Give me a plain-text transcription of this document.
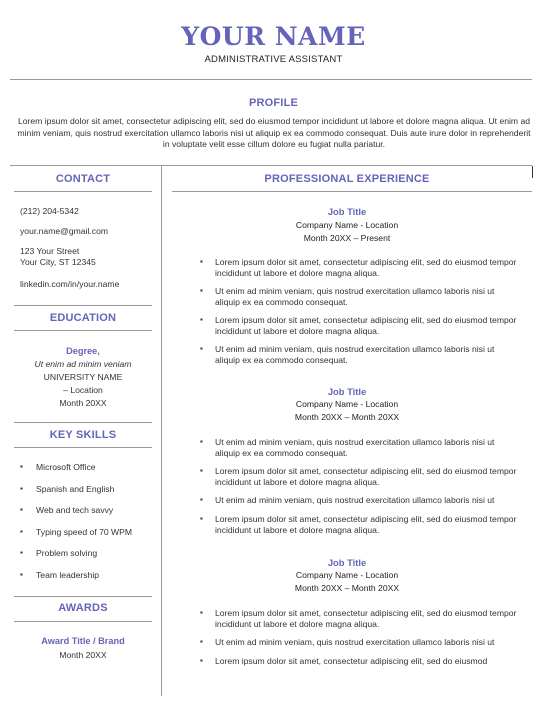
YOUR NAME
ADMINISTRATIVE ASSISTANT
PROFILE
Lorem ipsum dolor sit amet, consectetur adipiscing elit, sed do eiusmod tempor incididunt ut labore et dolore magna aliqua. Ut enim ad minim veniam, quis nostrud exercitation ullamco laboris nisi ut aliquip ex ea commodo consequat. Duis aute irure dolor in reprehenderit in voluptate velit esse cillum dolore eu fugiat nulla pariatur.
CONTACT
(212) 204-5342
your.name@gmail.com
123 Your Street
Your City, ST 12345
linkedin.com/in/your.name
EDUCATION
Degree,
Ut enim ad minim veniam
UNIVERSITY NAME
– Location
Month 20XX
KEY SKILLS
▪ Microsoft Office
▪ Spanish and English
▪ Web and tech savvy
▪ Typing speed of 70 WPM
▪ Problem solving
▪ Team leadership
AWARDS
Award Title / Brand
Month 20XX
PROFESSIONAL EXPERIENCE
Job Title
Company Name - Location
Month 20XX – Present
▪ Lorem ipsum dolor sit amet, consectetur adipiscing elit, sed do eiusmod tempor incididunt ut labore et dolore magna aliqua.
▪ Ut enim ad minim veniam, quis nostrud exercitation ullamco laboris nisi ut aliquip ex ea commodo consequat.
▪ Lorem ipsum dolor sit amet, consectetur adipiscing elit, sed do eiusmod tempor incididunt ut labore et dolore magna aliqua.
▪ Ut enim ad minim veniam, quis nostrud exercitation ullamco laboris nisi ut aliquip ex ea commodo consequat.
Job Title
Company Name - Location
Month 20XX – Month 20XX
▪ Ut enim ad minim veniam, quis nostrud exercitation ullamco laboris nisi ut aliquip ex ea commodo consequat.
▪ Lorem ipsum dolor sit amet, consectetur adipiscing elit, sed do eiusmod tempor incididunt ut labore et dolore magna aliqua.
▪ Ut enim ad minim veniam, quis nostrud exercitation ullamco laboris nisi ut
▪ Lorem ipsum dolor sit amet, consectetur adipiscing elit, sed do eiusmod tempor incididunt ut labore et dolore magna aliqua.
Job Title
Company Name - Location
Month 20XX – Month 20XX
▪ Lorem ipsum dolor sit amet, consectetur adipiscing elit, sed do eiusmod tempor incididunt ut labore et dolore magna aliqua.
▪ Ut enim ad minim veniam, quis nostrud exercitation ullamco laboris nisi ut
▪ Lorem ipsum dolor sit amet, consectetur adipiscing elit, sed do eiusmod
